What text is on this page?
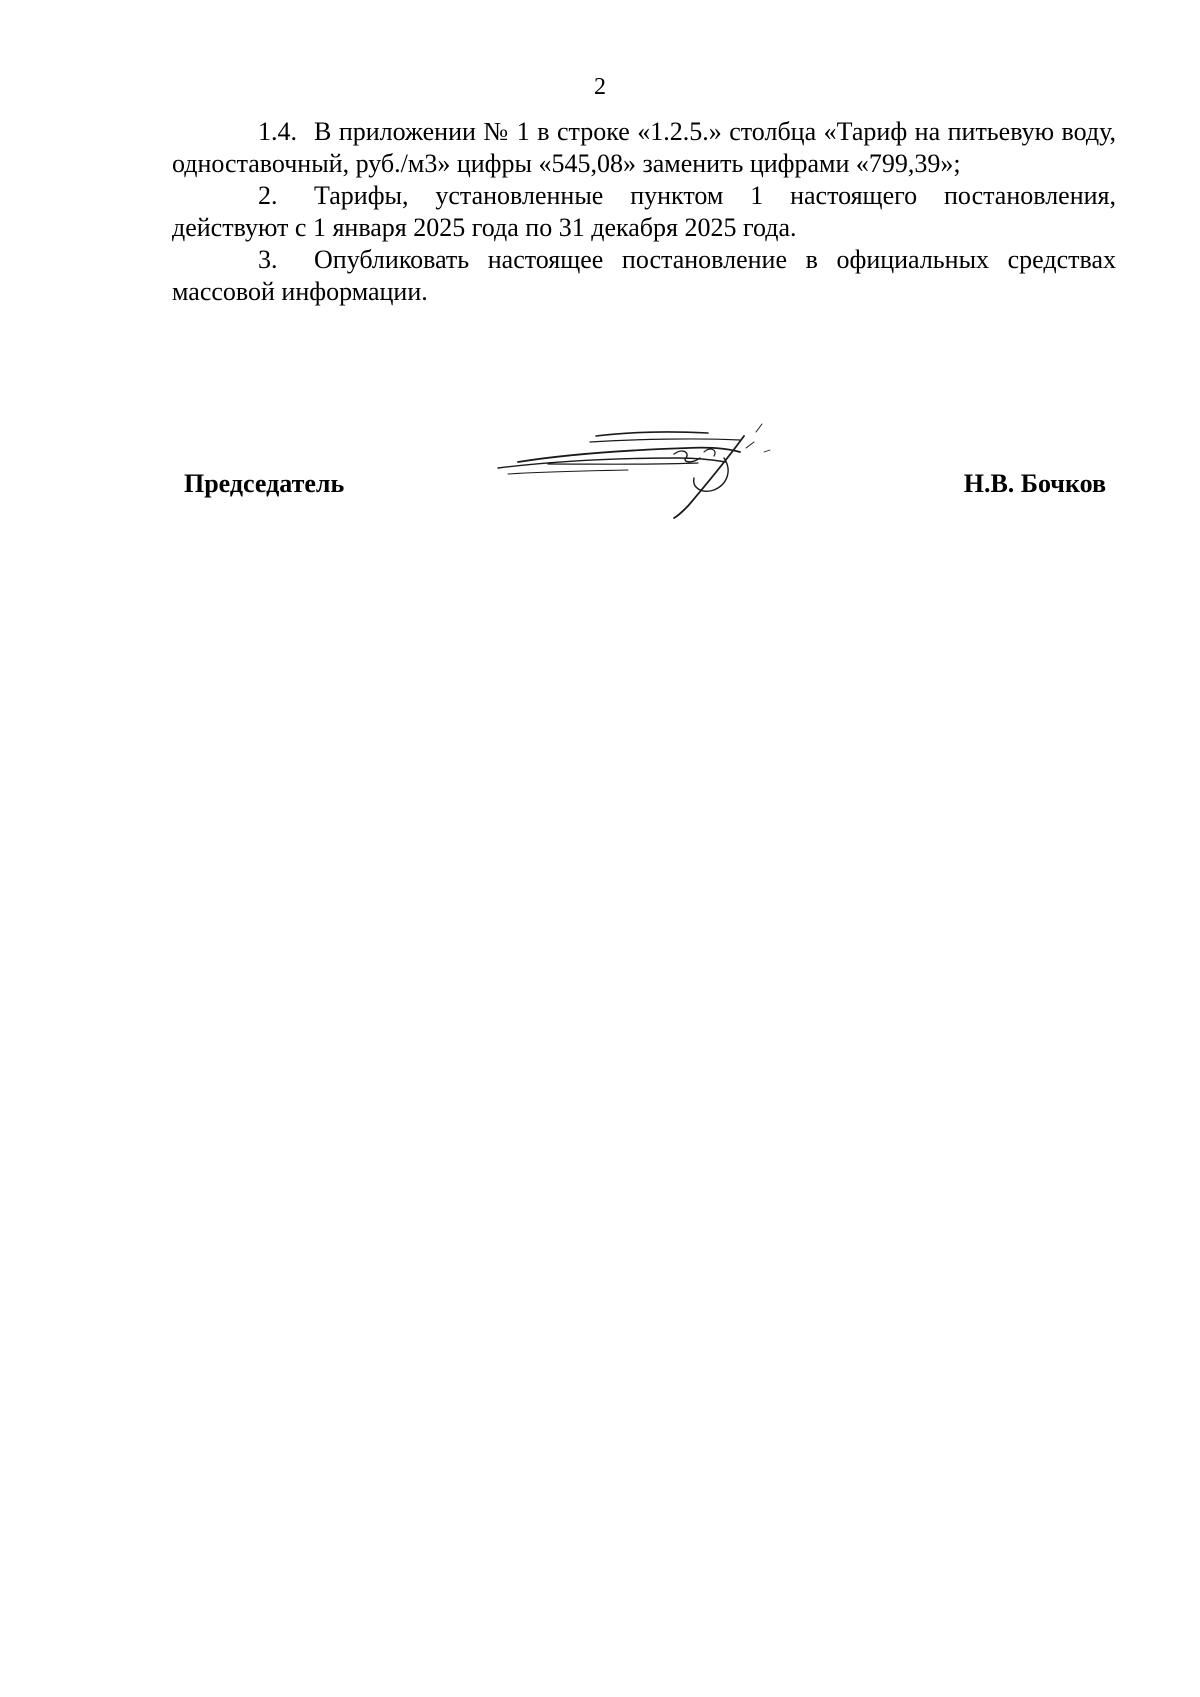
2

1.4. В приложении № 1 в строке «1.2.5.» столбца «Тариф на питьевую воду, одноставочный, руб./м3» цифры «545,08» заменить цифрами «799,39»;

2. Тарифы, установленные пунктом 1 настоящего постановления, действуют с 1 января 2025 года по 31 декабря 2025 года.

3. Опубликовать настоящее постановление в официальных средствах массовой информации.

Председатель	Н.В. Бочков
